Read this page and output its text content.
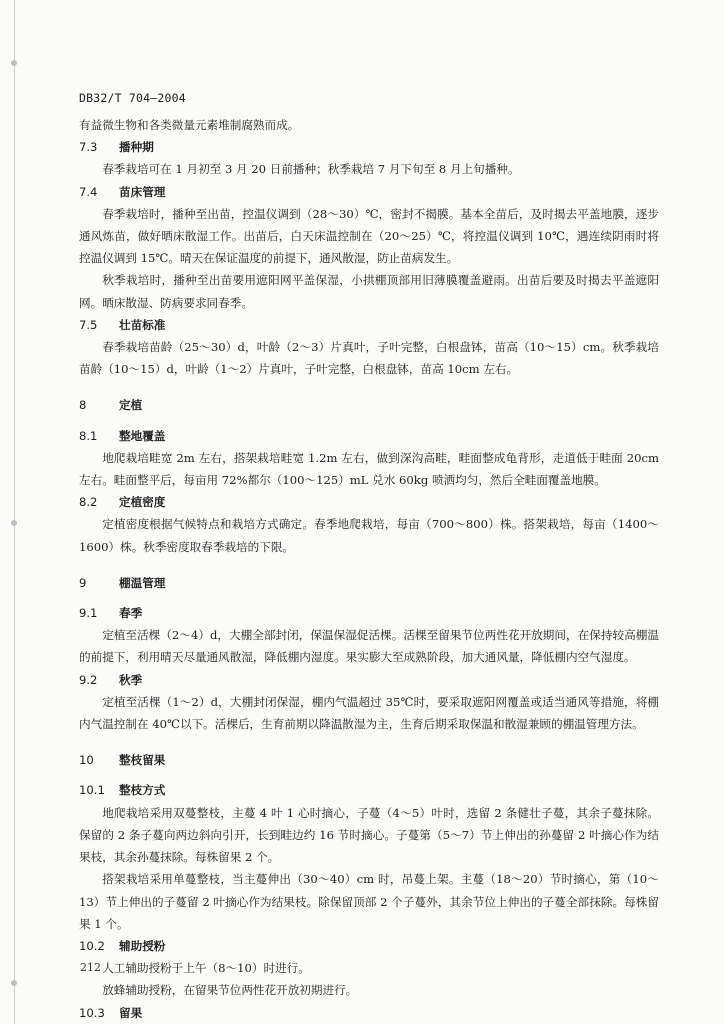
DB32/T 704—2004

有益微生物和各类微量元素堆制腐熟而成。

7.3 播种期

春季栽培可在 1 月初至 3 月 20 日前播种；秋季栽培 7 月下旬至 8 月上旬播种。

7.4 苗床管理

春季栽培时，播种至出苗，控温仪调到（28～30）℃，密封不揭膜。基本全苗后，及时揭去平盖地膜，逐步通风炼苗，做好晒床散湿工作。出苗后，白天床温控制在（20～25）℃，将控温仪调到 10℃，遇连续阴雨时将控温仪调到 15℃。晴天在保证温度的前提下，通风散湿，防止苗病发生。

秋季栽培时，播种至出苗要用遮阳网平盖保湿，小拱棚顶部用旧薄膜覆盖避雨。出苗后要及时揭去平盖遮阳网。晒床散湿、防病要求同春季。

7.5 壮苗标准

春季栽培苗龄（25～30）d，叶龄（2～3）片真叶，子叶完整，白根盘钵，苗高（10～15）cm。秋季栽培苗龄（10～15）d，叶龄（1～2）片真叶，子叶完整，白根盘钵，苗高 10cm 左右。

8	定植

8.1 整地覆盖

地爬栽培畦宽 2m 左右，搭架栽培畦宽 1.2m 左右，做到深沟高畦，畦面整成龟背形，走道低于畦面 20cm 左右。畦面整平后，每亩用 72%都尔（100～125）mL 兑水 60kg 喷洒均匀，然后全畦面覆盖地膜。

8.2 定植密度

定植密度根据气候特点和栽培方式确定。春季地爬栽培，每亩（700～800）株。搭架栽培，每亩（1400～1600）株。秋季密度取春季栽培的下限。

9	棚温管理

9.1 春季

定植至活棵（2～4）d，大棚全部封闭，保温保湿促活棵。活棵至留果节位两性花开放期间，在保持较高棚温的前提下，利用晴天尽量通风散湿，降低棚内湿度。果实膨大至成熟阶段，加大通风量，降低棚内空气湿度。

9.2 秋季

定植至活棵（1～2）d，大棚封闭保湿，棚内气温超过 35℃时，要采取遮阳网覆盖或适当通风等措施，将棚内气温控制在 40℃以下。活棵后，生育前期以降温散湿为主，生育后期采取保温和散湿兼顾的棚温管理方法。

10 整枝留果

10.1 整枝方式

地爬栽培采用双蔓整枝，主蔓 4 叶 1 心时摘心，子蔓（4～5）叶时，选留 2 条健壮子蔓，其余子蔓抹除。保留的 2 条子蔓向两边斜向引开，长到畦边约 16 节时摘心。子蔓第（5～7）节上伸出的孙蔓留 2 叶摘心作为结果枝，其余孙蔓抹除。每株留果 2 个。

搭架栽培采用单蔓整枝，当主蔓伸出（30～40）cm 时，吊蔓上架。主蔓（18～20）节时摘心，第（10～13）节上伸出的子蔓留 2 叶摘心作为结果枝。除保留顶部 2 个子蔓外，其余节位上伸出的子蔓全部抹除。每株留果 1 个。

10.2 辅助授粉

人工辅助授粉于上午（8～10）时进行。

放蜂辅助授粉，在留果节位两性花开放初期进行。

10.3 留果

212
